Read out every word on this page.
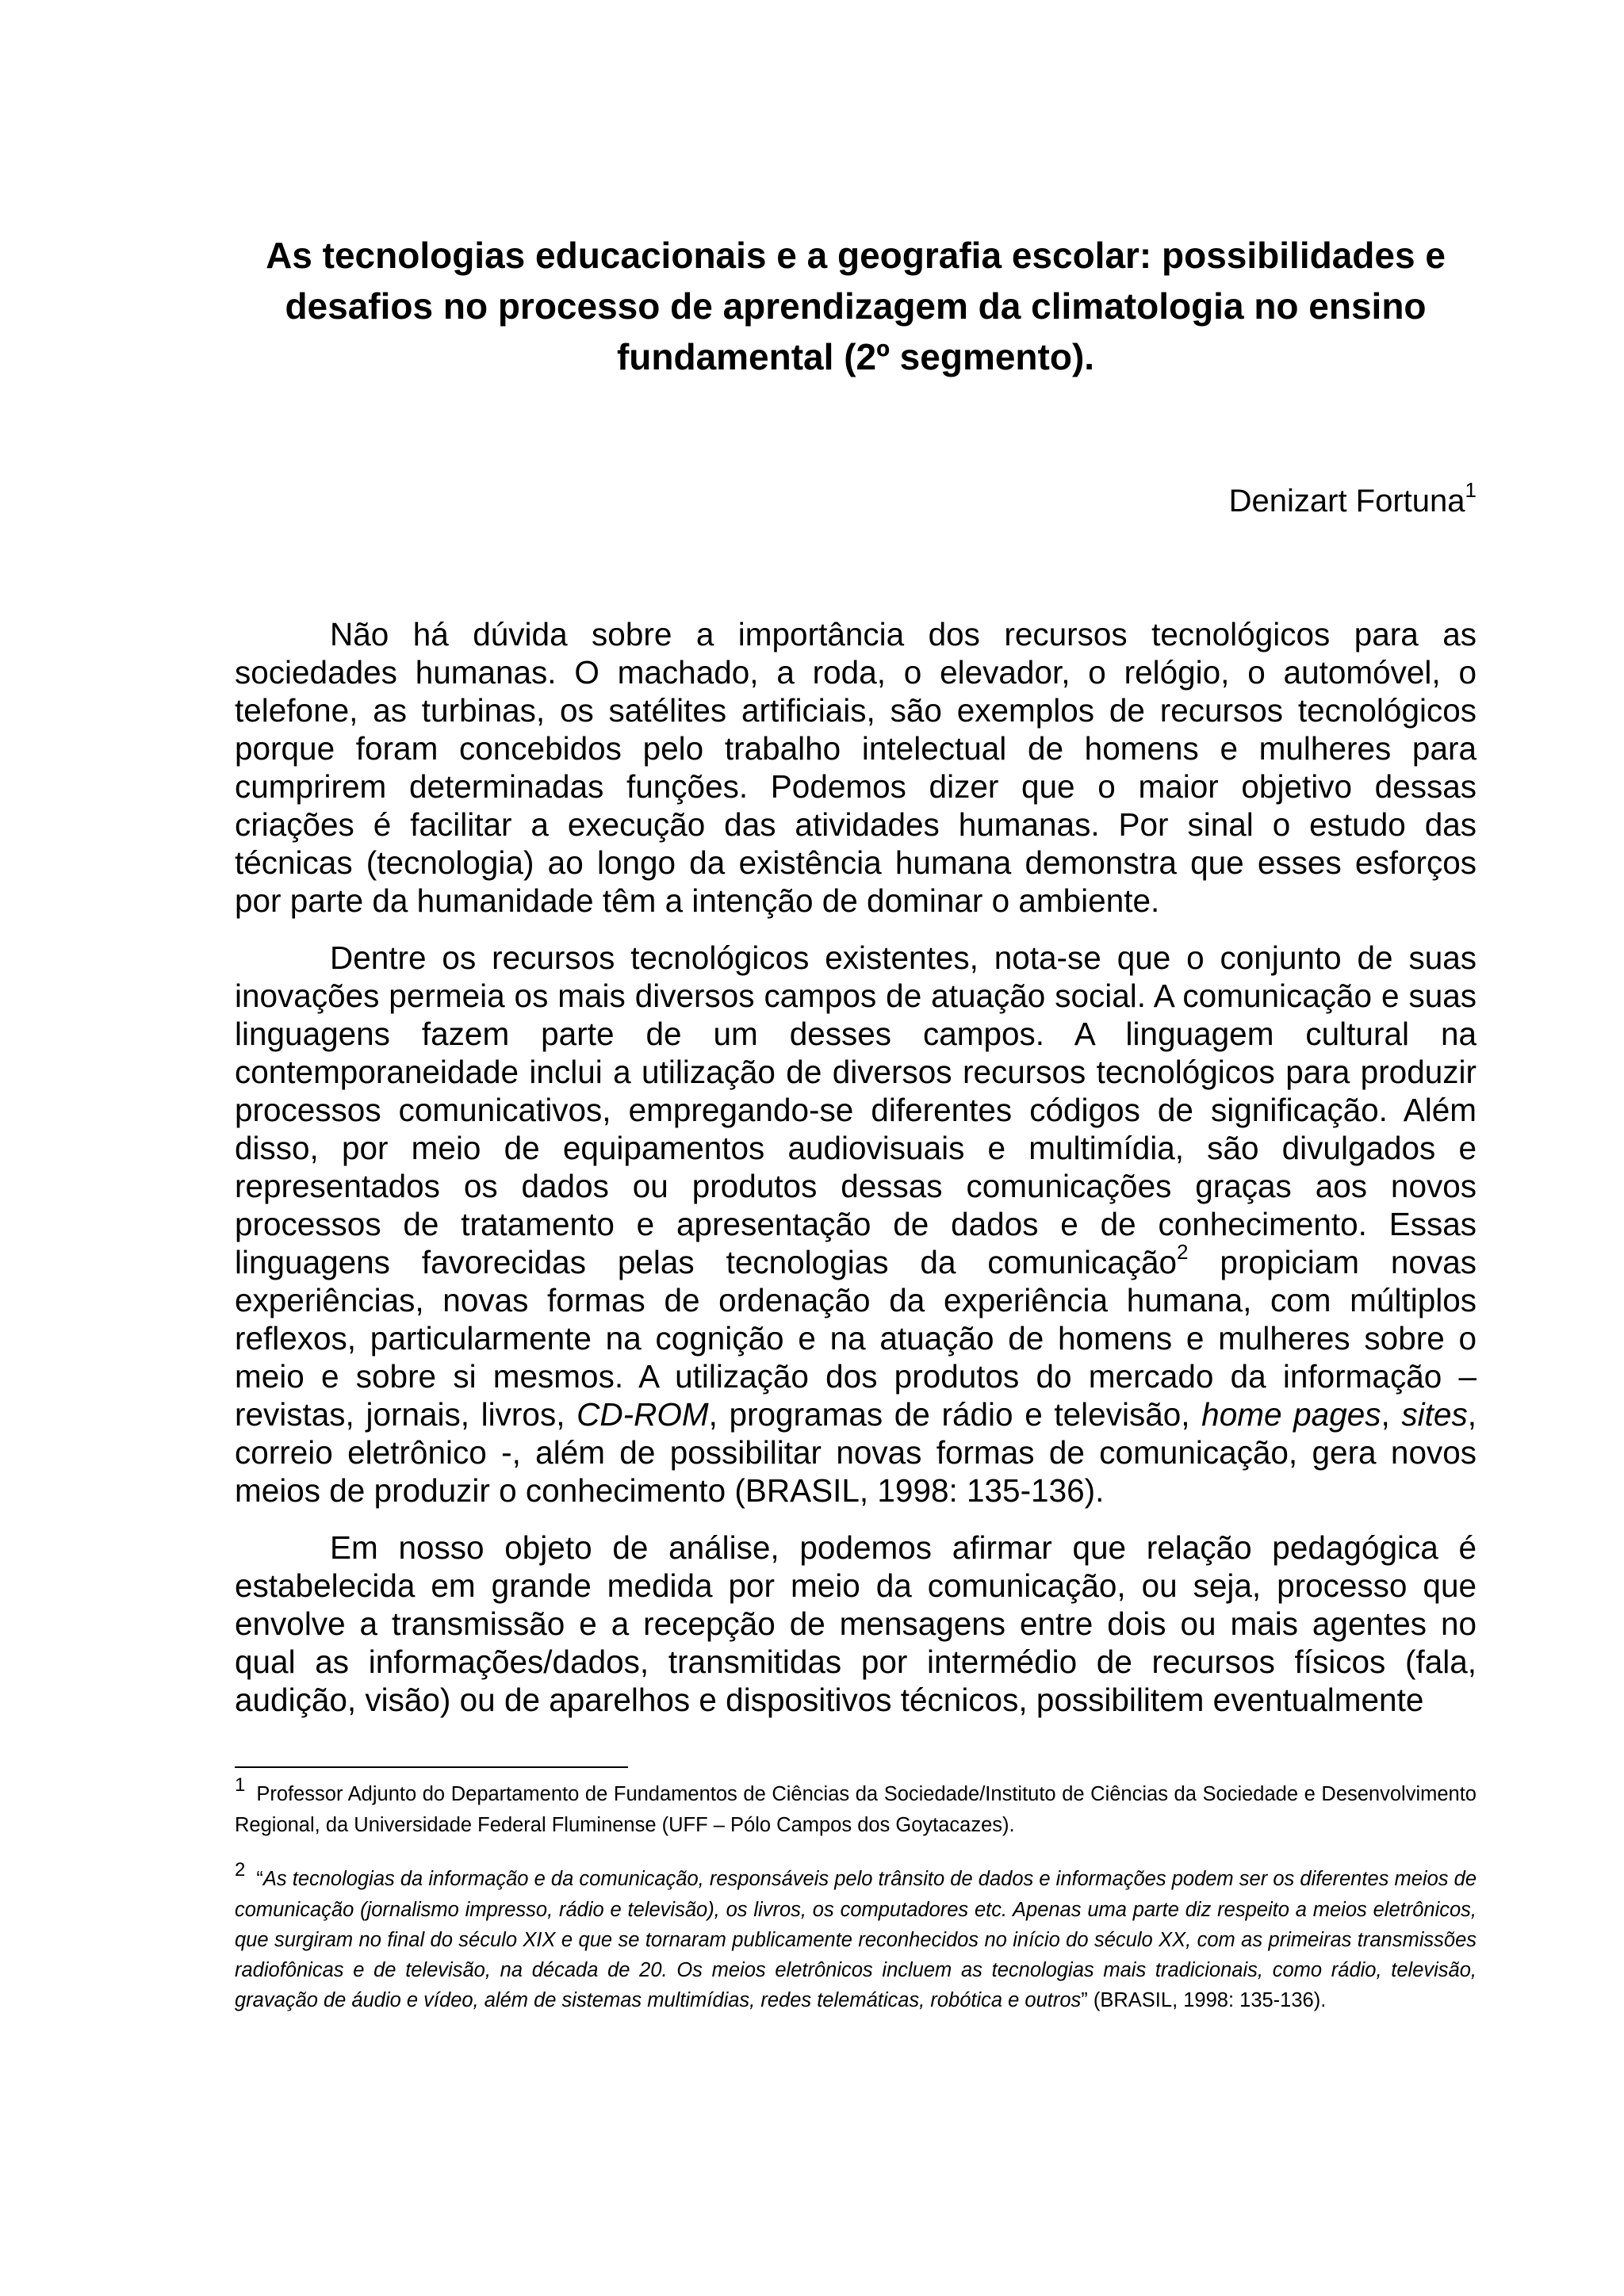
As tecnologias educacionais e a geografia escolar: possibilidades e desafios no processo de aprendizagem da climatologia no ensino fundamental (2º segmento).
Denizart Fortuna$^1$

Não há dúvida sobre a importância dos recursos tecnológicos para as sociedades humanas. O machado, a roda, o elevador, o relógio, o automóvel, o telefone, as turbinas, os satélites artificiais, são exemplos de recursos tecnológicos porque foram concebidos pelo trabalho intelectual de homens e mulheres para cumprirem determinadas funções. Podemos dizer que o maior objetivo dessas criações é facilitar a execução das atividades humanas. Por sinal o estudo das técnicas (tecnologia) ao longo da existência humana demonstra que esses esforços por parte da humanidade têm a intenção de dominar o ambiente.

Dentre os recursos tecnológicos existentes, nota-se que o conjunto de suas inovações permeia os mais diversos campos de atuação social. A comunicação e suas linguagens fazem parte de um desses campos. A linguagem cultural na contemporaneidade inclui a utilização de diversos recursos tecnológicos para produzir processos comunicativos, empregando-se diferentes códigos de significação. Além disso, por meio de equipamentos audiovisuais e multimídia, são divulgados e representados os dados ou produtos dessas comunicações graças aos novos processos de tratamento e apresentação de dados e de conhecimento. Essas linguagens favorecidas pelas tecnologias da comunicação$^2$ propiciam novas experiências, novas formas de ordenação da experiência humana, com múltiplos reflexos, particularmente na cognição e na atuação de homens e mulheres sobre o meio e sobre si mesmos. A utilização dos produtos do mercado da informação – revistas, jornais, livros, CD-ROM, programas de rádio e televisão, home pages, sites, correio eletrônico -, além de possibilitar novas formas de comunicação, gera novos meios de produzir o conhecimento (BRASIL, 1998: 135-136).

Em nosso objeto de análise, podemos afirmar que relação pedagógica é estabelecida em grande medida por meio da comunicação, ou seja, processo que envolve a transmissão e a recepção de mensagens entre dois ou mais agentes no qual as informações/dados, transmitidas por intermédio de recursos físicos (fala, audição, visão) ou de aparelhos e dispositivos técnicos, possibilitem eventualmente

1 Professor Adjunto do Departamento de Fundamentos de Ciências da Sociedade/Instituto de Ciências da Sociedade e Desenvolvimento Regional, da Universidade Federal Fluminense (UFF – Pólo Campos dos Goytacazes).

2 “As tecnologias da informação e da comunicação, responsáveis pelo trânsito de dados e informações podem ser os diferentes meios de comunicação (jornalismo impresso, rádio e televisão), os livros, os computadores etc. Apenas uma parte diz respeito a meios eletrônicos, que surgiram no final do século XIX e que se tornaram publicamente reconhecidos no início do século XX, com as primeiras transmissões radiofônicas e de televisão, na década de 20. Os meios eletrônicos incluem as tecnologias mais tradicionais, como rádio, televisão, gravação de áudio e vídeo, além de sistemas multimídias, redes telemáticas, robótica e outros” (BRASIL, 1998: 135-136).
